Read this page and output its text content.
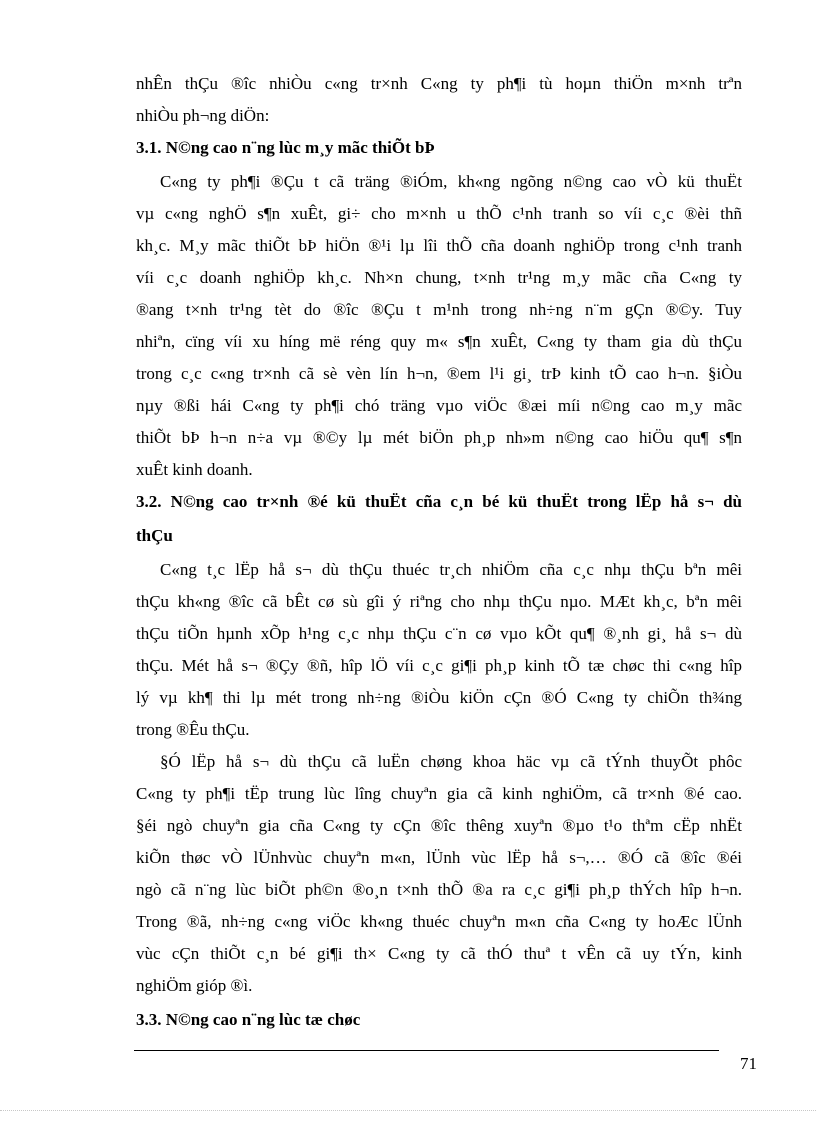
nhÊn thÇu ®îc nhiÒu c«ng tr×nh C«ng ty ph¶i tù hoµn thiÖn m×nh trªn
nhiÒu ph¬ng diÖn:
3.1. N©ng cao n¨ng lùc m¸y mãc thiÕt bÞ
C«ng ty ph¶i ®Çu t cã träng ®iÓm, kh«ng ngõng n©ng cao vÒ kü thuËt
vµ c«ng nghÖ s¶n xuÊt, gi÷ cho m×nh u thÕ c¹nh tranh so víi c¸c ®èi thñ
kh¸c. M¸y mãc thiÕt bÞ hiÖn ®¹i lµ lîi thÕ cña doanh nghiÖp trong c¹nh tranh
víi c¸c doanh nghiÖp kh¸c. Nh×n chung, t×nh tr¹ng m¸y mãc cña C«ng ty
®ang t×nh tr¹ng tèt do ®îc ®Çu t m¹nh trong nh÷ng n¨m gÇn ®©y. Tuy
nhiªn, cïng víi xu híng më réng quy m« s¶n xuÊt, C«ng ty tham gia dù thÇu
trong c¸c c«ng tr×nh cã sè vèn lín h¬n, ®em l¹i gi¸ trÞ kinh tÕ cao h¬n. §iÒu
nµy ®ßi hái C«ng ty ph¶i chó träng vµo viÖc ®æi míi n©ng cao m¸y mãc
thiÕt bÞ h¬n n÷a vµ ®©y lµ mét biÖn ph¸p nh»m n©ng cao hiÖu qu¶ s¶n
xuÊt kinh doanh.
3.2. N©ng cao tr×nh ®é kü thuËt cña c¸n bé kü thuËt trong lËp hå s¬ dù
thÇu
C«ng t¸c lËp hå s¬ dù thÇu thuéc tr¸ch nhiÖm cña c¸c nhµ thÇu bªn mêi
thÇu kh«ng ®îc cã bÊt cø sù gîi ý riªng cho nhµ thÇu nµo. MÆt kh¸c, bªn mêi
thÇu tiÕn hµnh xÕp h¹ng c¸c nhµ thÇu c¨n cø vµo kÕt qu¶ ®¸nh gi¸ hå s¬ dù
thÇu. Mét hå s¬ ®Çy ®ñ, hîp lÖ víi c¸c gi¶i ph¸p kinh tÕ tæ chøc thi c«ng hîp
lý vµ kh¶ thi lµ mét trong nh÷ng ®iÒu kiÖn cÇn ®Ó C«ng ty chiÕn th¾ng
trong ®Êu thÇu.
§Ó lËp hå s¬ dù thÇu cã luËn chøng khoa häc vµ cã tÝnh thuyÕt phôc
C«ng ty ph¶i tËp trung lùc lîng chuyªn gia cã kinh nghiÖm, cã tr×nh ®é cao.
§éi ngò chuyªn gia cña C«ng ty cÇn ®îc thêng xuyªn ®µo t¹o thªm cËp nhËt
kiÕn thøc vÒ lÜnhvùc chuyªn m«n, lÜnh vùc lËp hå s¬,… ®Ó cã ®îc ®éi
ngò cã n¨ng lùc biÕt ph©n ®o¸n t×nh thÕ ®a ra c¸c gi¶i ph¸p thÝch hîp h¬n.
Trong ®ã, nh÷ng c«ng viÖc kh«ng thuéc chuyªn m«n cña C«ng ty hoÆc lÜnh
vùc cÇn thiÕt c¸n bé gi¶i th× C«ng ty cã thÓ thuª t vÊn cã uy tÝn, kinh
nghiÖm gióp ®ì.
3.3. N©ng cao n¨ng lùc tæ chøc
71
